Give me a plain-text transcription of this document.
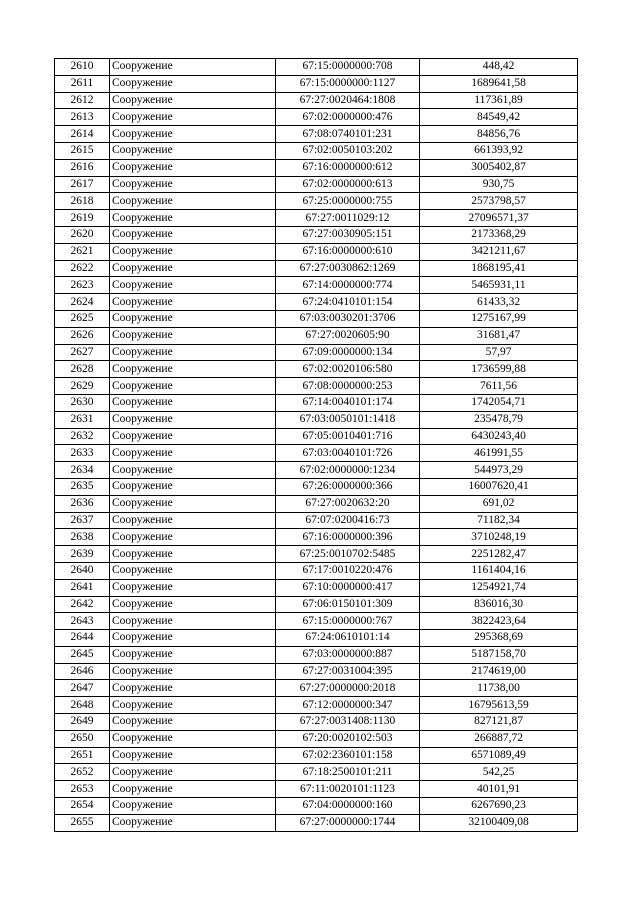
2610	Сооружение	67:15:0000000:708	448,42
2611	Сооружение	67:15:0000000:1127	1689641,58
2612	Сооружение	67:27:0020464:1808	117361,89
2613	Сооружение	67:02:0000000:476	84549,42
2614	Сооружение	67:08:0740101:231	84856,76
2615	Сооружение	67:02:0050103:202	661393,92
2616	Сооружение	67:16:0000000:612	3005402,87
2617	Сооружение	67:02:0000000:613	930,75
2618	Сооружение	67:25:0000000:755	2573798,57
2619	Сооружение	67:27:0011029:12	27096571,37
2620	Сооружение	67:27:0030905:151	2173368,29
2621	Сооружение	67:16:0000000:610	3421211,67
2622	Сооружение	67:27:0030862:1269	1868195,41
2623	Сооружение	67:14:0000000:774	5465931,11
2624	Сооружение	67:24:0410101:154	61433,32
2625	Сооружение	67:03:0030201:3706	1275167,99
2626	Сооружение	67:27:0020605:90	31681,47
2627	Сооружение	67:09:0000000:134	57,97
2628	Сооружение	67:02:0020106:580	1736599,88
2629	Сооружение	67:08:0000000:253	7611,56
2630	Сооружение	67:14:0040101:174	1742054,71
2631	Сооружение	67:03:0050101:1418	235478,79
2632	Сооружение	67:05:0010401:716	6430243,40
2633	Сооружение	67:03:0040101:726	461991,55
2634	Сооружение	67:02:0000000:1234	544973,29
2635	Сооружение	67:26:0000000:366	16007620,41
2636	Сооружение	67:27:0020632:20	691,02
2637	Сооружение	67:07:0200416:73	71182,34
2638	Сооружение	67:16:0000000:396	3710248,19
2639	Сооружение	67:25:0010702:5485	2251282,47
2640	Сооружение	67:17:0010220:476	1161404,16
2641	Сооружение	67:10:0000000:417	1254921,74
2642	Сооружение	67:06:0150101:309	836016,30
2643	Сооружение	67:15:0000000:767	3822423,64
2644	Сооружение	67:24:0610101:14	295368,69
2645	Сооружение	67:03:0000000:887	5187158,70
2646	Сооружение	67:27:0031004:395	2174619,00
2647	Сооружение	67:27:0000000:2018	11738,00
2648	Сооружение	67:12:0000000:347	16795613,59
2649	Сооружение	67:27:0031408:1130	827121,87
2650	Сооружение	67:20:0020102:503	266887,72
2651	Сооружение	67:02:2360101:158	6571089,49
2652	Сооружение	67:18:2500101:211	542,25
2653	Сооружение	67:11:0020101:1123	40101,91
2654	Сооружение	67:04:0000000:160	6267690,23
2655	Сооружение	67:27:0000000:1744	32100409,08
